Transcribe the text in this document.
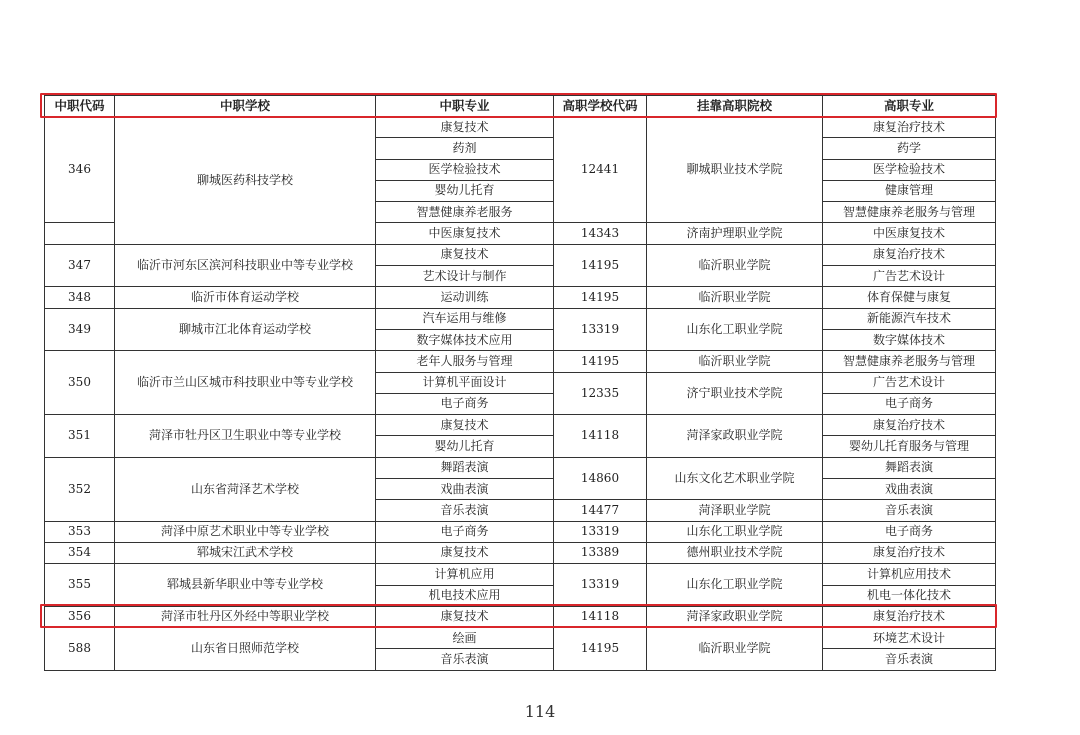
中职代码	中职学校	中职专业	高职学校代码	挂靠高职院校	高职专业
346	聊城医药科技学校	康复技术	12441	聊城职业技术学院	康复治疗技术
		药剂			药学
		医学检验技术			医学检验技术
		婴幼儿托育			健康管理
		智慧健康养老服务			智慧健康养老服务与管理
		中医康复技术	14343	济南护理职业学院	中医康复技术
347	临沂市河东区滨河科技职业中等专业学校	康复技术	14195	临沂职业学院	康复治疗技术
		艺术设计与制作			广告艺术设计
348	临沂市体育运动学校	运动训练	14195	临沂职业学院	体育保健与康复
349	聊城市江北体育运动学校	汽车运用与维修	13319	山东化工职业学院	新能源汽车技术
		数字媒体技术应用			数字媒体技术
350	临沂市兰山区城市科技职业中等专业学校	老年人服务与管理	14195	临沂职业学院	智慧健康养老服务与管理
		计算机平面设计	12335	济宁职业技术学院	广告艺术设计
		电子商务			电子商务
351	菏泽市牡丹区卫生职业中等专业学校	康复技术	14118	菏泽家政职业学院	康复治疗技术
		婴幼儿托育			婴幼儿托育服务与管理
352	山东省菏泽艺术学校	舞蹈表演	14860	山东文化艺术职业学院	舞蹈表演
		戏曲表演			戏曲表演
		音乐表演	14477	菏泽职业学院	音乐表演
353	菏泽中原艺术职业中等专业学校	电子商务	13319	山东化工职业学院	电子商务
354	郓城宋江武术学校	康复技术	13389	德州职业技术学院	康复治疗技术
355	郓城县新华职业中等专业学校	计算机应用	13319	山东化工职业学院	计算机应用技术
		机电技术应用			机电一体化技术
356	菏泽市牡丹区外经中等职业学校	康复技术	14118	菏泽家政职业学院	康复治疗技术
588	山东省日照师范学校	绘画	14195	临沂职业学院	环境艺术设计
		音乐表演			音乐表演
114
